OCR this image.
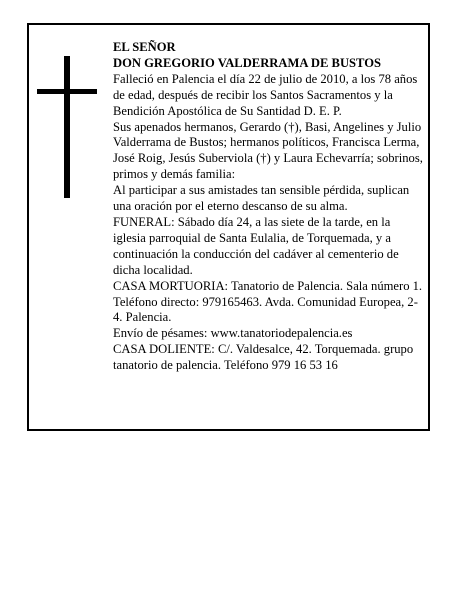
EL SEÑOR

DON GREGORIO VALDERRAMA DE BUSTOS

Falleció en Palencia el día 22 de julio de 2010, a los 78 años de edad, después de recibir los Santos Sacramentos y la Bendición Apostólica de Su Santidad D. E. P.

Sus apenados hermanos, Gerardo (†), Basi, Angelines y Julio Valderrama de Bustos; hermanos políticos, Francisca Lerma, José Roig, Jesús Suberviola (†) y Laura Echevarría; sobrinos, primos y demás familia:

Al participar a sus amistades tan sensible pérdida, suplican una oración por el eterno descanso de su alma.

FUNERAL: Sábado día 24, a las siete de la tarde, en la iglesia parroquial de Santa Eulalia, de Torquemada, y a continuación la conducción del cadáver al cementerio de dicha localidad.

CASA MORTUORIA: Tanatorio de Palencia. Sala número 1. Teléfono directo: 979165463. Avda. Comunidad Europea, 2-4. Palencia.

Envío de pésames: www.tanatoriodepalencia.es

CASA DOLIENTE: C/. Valdesalce, 42. Torquemada. grupo tanatorio de palencia. Teléfono 979 16 53 16
